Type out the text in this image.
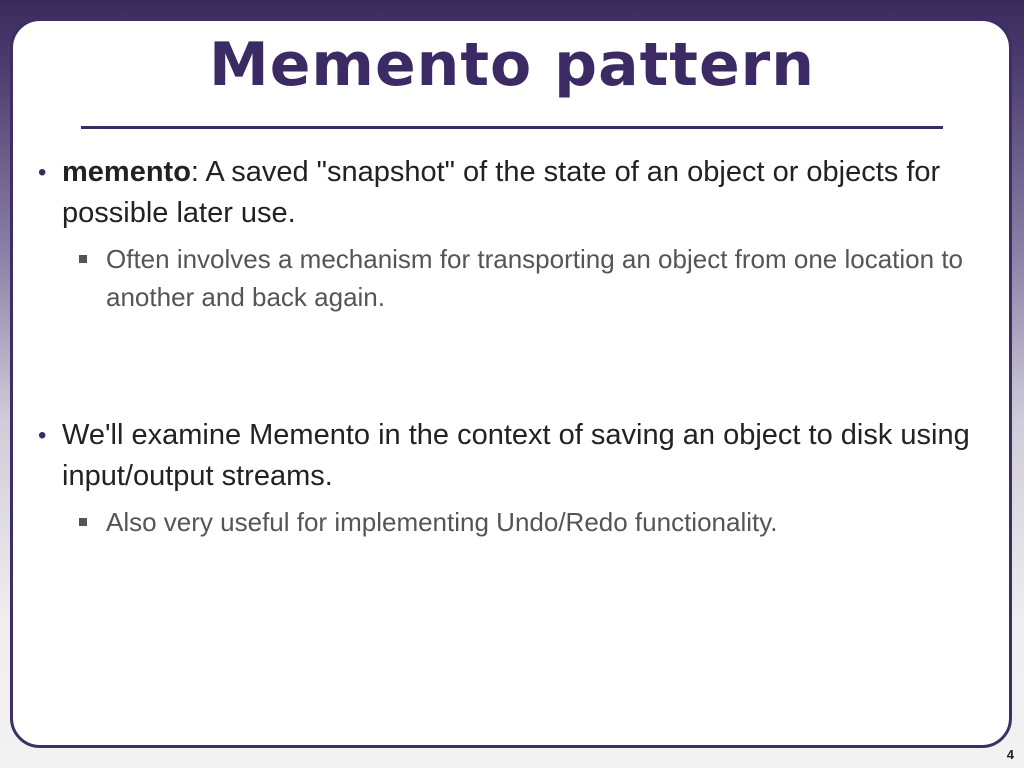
Memento pattern
• memento: A saved "snapshot" of the state of an object or objects for possible later use.
Often involves a mechanism for transporting an object from one location to another and back again.
• We'll examine Memento in the context of saving an object to disk using input/output streams.
Also very useful for implementing Undo/Redo functionality.
4
